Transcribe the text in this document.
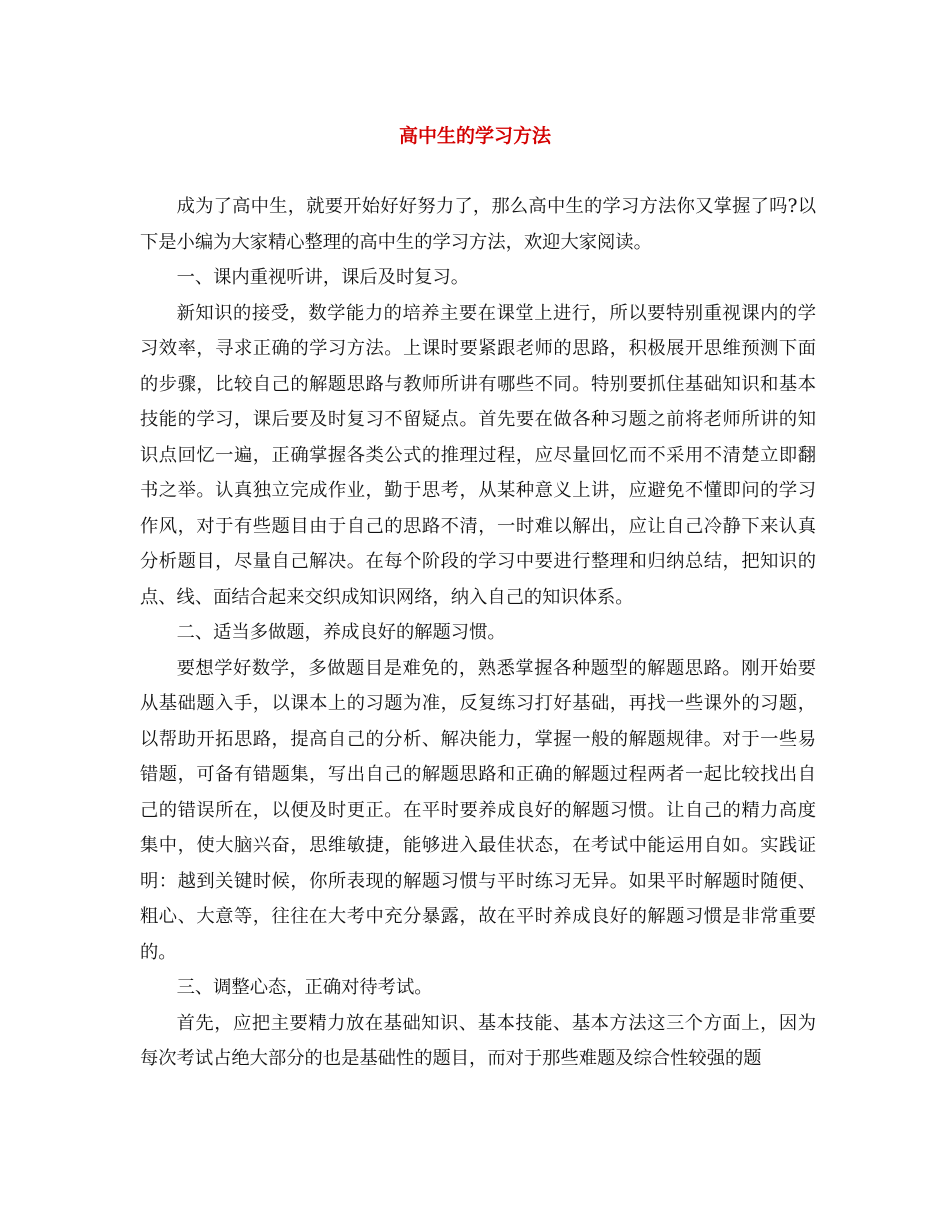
高中生的学习方法

成为了高中生，就要开始好好努力了，那么高中生的学习方法你又掌握了吗?以下是小编为大家精心整理的高中生的学习方法，欢迎大家阅读。

一、课内重视听讲，课后及时复习。

新知识的接受，数学能力的培养主要在课堂上进行，所以要特别重视课内的学习效率，寻求正确的学习方法。上课时要紧跟老师的思路，积极展开思维预测下面的步骤，比较自己的解题思路与教师所讲有哪些不同。特别要抓住基础知识和基本技能的学习，课后要及时复习不留疑点。首先要在做各种习题之前将老师所讲的知识点回忆一遍，正确掌握各类公式的推理过程，应尽量回忆而不采用不清楚立即翻书之举。认真独立完成作业，勤于思考，从某种意义上讲，应避免不懂即问的学习作风，对于有些题目由于自己的思路不清，一时难以解出，应让自己冷静下来认真分析题目，尽量自己解决。在每个阶段的学习中要进行整理和归纳总结，把知识的点、线、面结合起来交织成知识网络，纳入自己的知识体系。

二、适当多做题，养成良好的解题习惯。

要想学好数学，多做题目是难免的，熟悉掌握各种题型的解题思路。刚开始要从基础题入手，以课本上的习题为准，反复练习打好基础，再找一些课外的习题，以帮助开拓思路，提高自己的分析、解决能力，掌握一般的解题规律。对于一些易错题，可备有错题集，写出自己的解题思路和正确的解题过程两者一起比较找出自己的错误所在，以便及时更正。在平时要养成良好的解题习惯。让自己的精力高度集中，使大脑兴奋，思维敏捷，能够进入最佳状态，在考试中能运用自如。实践证明：越到关键时候，你所表现的解题习惯与平时练习无异。如果平时解题时随便、粗心、大意等，往往在大考中充分暴露，故在平时养成良好的解题习惯是非常重要的。

三、调整心态，正确对待考试。

首先，应把主要精力放在基础知识、基本技能、基本方法这三个方面上，因为每次考试占绝大部分的也是基础性的题目，而对于那些难题及综合性较强的题
